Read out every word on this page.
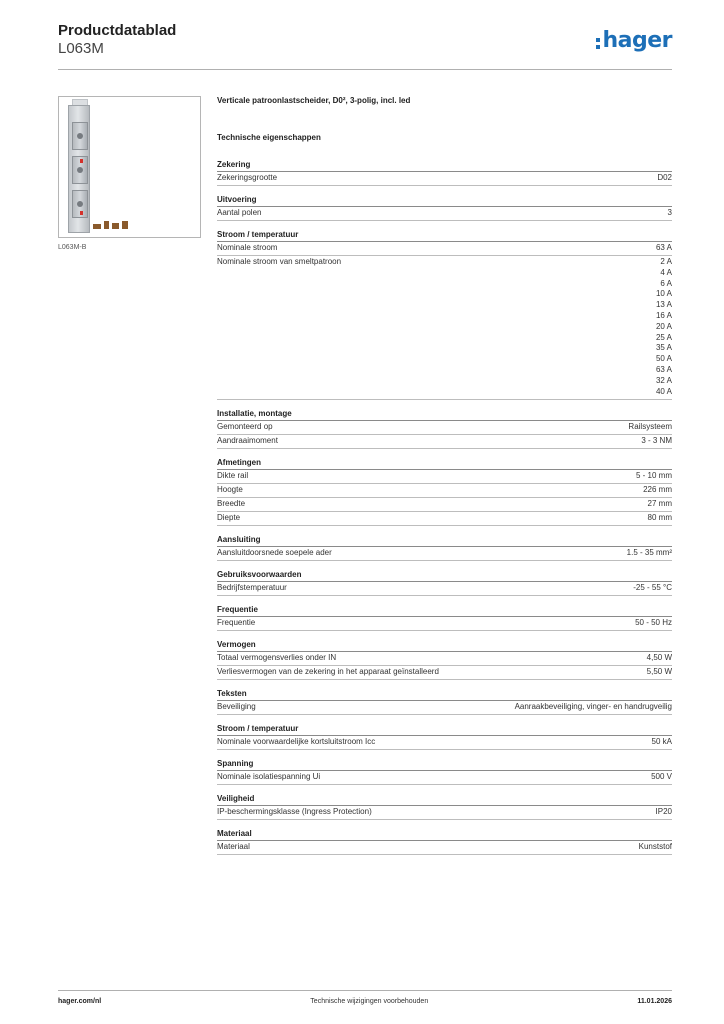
Productdatablad
L063M	hager
L063M-B
Verticale patroonlastscheider, D0², 3-polig, incl. led
Technische eigenschappen
Zekering
Zekeringsgrootte	D02
Uitvoering
Aantal polen	3
Stroom / temperatuur
Nominale stroom	63 A
Nominale stroom van smeltpatroon	2 A
4 A
6 A
10 A
13 A
16 A
20 A
25 A
35 A
50 A
63 A
32 A
40 A
Installatie, montage
Gemonteerd op	Railsysteem
Aandraaimoment	3 - 3 NM
Afmetingen
Dikte rail	5 - 10 mm
Hoogte	226 mm
Breedte	27 mm
Diepte	80 mm
Aansluiting
Aansluitdoorsnede soepele ader	1.5 - 35 mm²
Gebruiksvoorwaarden
Bedrijfstemperatuur	-25 - 55 °C
Frequentie
Frequentie	50 - 50 Hz
Vermogen
Totaal vermogensverlies onder IN	4,50 W
Verliesvermogen van de zekering in het apparaat geïnstalleerd	5,50 W
Teksten
Beveiliging	Aanraakbeveiliging, vinger- en handrugveilig
Stroom / temperatuur
Nominale voorwaardelijke kortsluitstroom Icc	50 kA
Spanning
Nominale isolatiespanning Ui	500 V
Veiligheid
IP-beschermingsklasse (Ingress Protection)	IP20
Materiaal
Materiaal	Kunststof
hager.com/nl	Technische wijzigingen voorbehouden	11.01.2026
